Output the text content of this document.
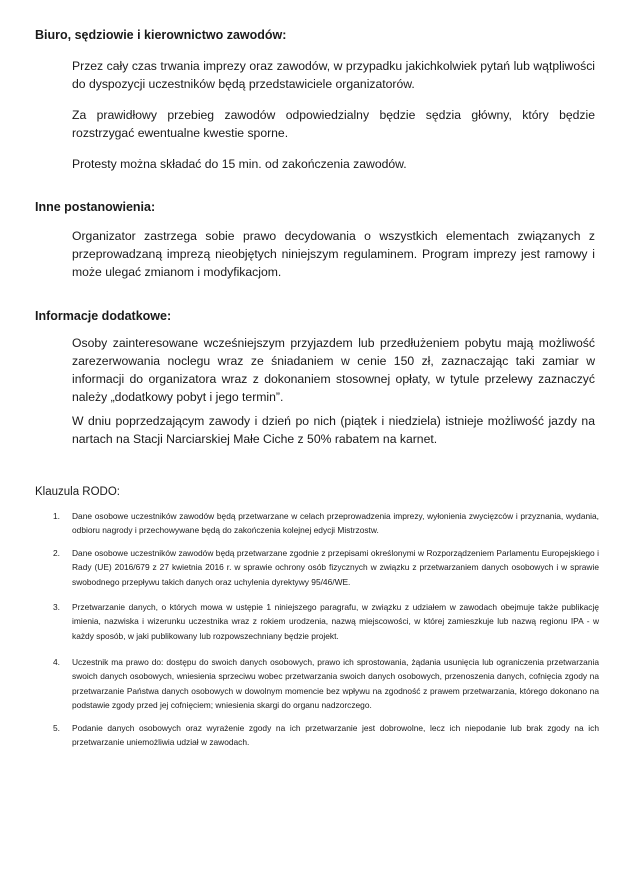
Biuro, sędziowie i kierownictwo zawodów:

Przez cały czas trwania imprezy oraz zawodów, w przypadku jakichkolwiek pytań lub wątpliwości do dyspozycji uczestników będą przedstawiciele organizatorów.

Za prawidłowy przebieg zawodów odpowiedzialny będzie sędzia główny, który będzie rozstrzygać ewentualne kwestie sporne.

Protesty można składać do 15 min. od zakończenia zawodów.

Inne postanowienia:

Organizator zastrzega sobie prawo decydowania o wszystkich elementach związanych z przeprowadzaną imprezą nieobjętych niniejszym regulaminem. Program imprezy jest ramowy i może ulegać zmianom i modyfikacjom.

Informacje dodatkowe:

Osoby zainteresowane wcześniejszym przyjazdem lub przedłużeniem pobytu mają możliwość zarezerwowania noclegu wraz ze śniadaniem w cenie 150 zł, zaznaczając taki zamiar w informacji do organizatora wraz z dokonaniem stosownej opłaty, w tytule przelewy zaznaczyć należy „dodatkowy pobyt i jego termin”.

W dniu poprzedzającym zawody i dzień po nich (piątek i niedziela) istnieje możliwość jazdy na nartach na Stacji Narciarskiej Małe Ciche z 50% rabatem na karnet.

Klauzula RODO:

1. Dane osobowe uczestników zawodów będą przetwarzane w celach przeprowadzenia imprezy, wyłonienia zwycięzców i przyznania, wydania, odbioru nagrody i przechowywane będą do zakończenia kolejnej edycji Mistrzostw.

2. Dane osobowe uczestników zawodów będą przetwarzane zgodnie z przepisami określonymi w Rozporządzeniem Parlamentu Europejskiego i Rady (UE) 2016/679 z 27 kwietnia 2016 r. w sprawie ochrony osób fizycznych w związku z przetwarzaniem danych osobowych i w sprawie swobodnego przepływu takich danych oraz uchylenia dyrektywy 95/46/WE.

3. Przetwarzanie danych, o których mowa w ustępie 1 niniejszego paragrafu, w związku z udziałem w zawodach obejmuje także publikację imienia, nazwiska i wizerunku uczestnika wraz z rokiem urodzenia, nazwą miejscowości, w której zamieszkuje lub nazwą regionu IPA - w każdy sposób, w jaki publikowany lub rozpowszechniany będzie projekt.

4. Uczestnik ma prawo do: dostępu do swoich danych osobowych, prawo ich sprostowania, żądania usunięcia lub ograniczenia przetwarzania swoich danych osobowych, wniesienia sprzeciwu wobec przetwarzania swoich danych osobowych, przenoszenia danych, cofnięcia zgody na przetwarzanie Państwa danych osobowych w dowolnym momencie bez wpływu na zgodność z prawem przetwarzania, którego dokonano na podstawie zgody przed jej cofnięciem; wniesienia skargi do organu nadzorczego.

5. Podanie danych osobowych oraz wyrażenie zgody na ich przetwarzanie jest dobrowolne, lecz ich niepodanie lub brak zgody na ich przetwarzanie uniemożliwia udział w zawodach.
